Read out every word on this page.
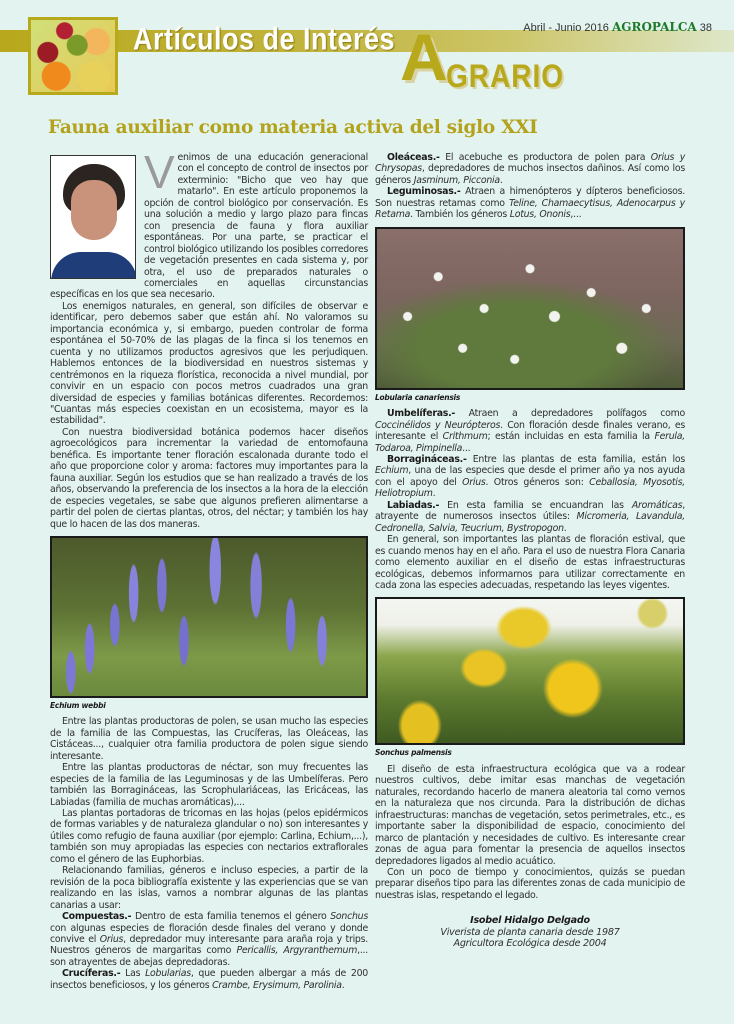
Artículos de Interés A
GRARIO
Abril - Junio 2016 AGROPALCA 38
Fauna auxiliar como materia activa del siglo XXI

Venimos de una educación generacional con el concepto de control de insectos por exterminio: "Bicho que veo hay que matarlo". En este artículo proponemos la opción de control biológico por conservación. Es una solución a medio y largo plazo para fincas con presencia de fauna y flora auxiliar espontáneas. Por una parte, se practicar el control biológico utilizando los posibles corredores de vegetación presentes en cada sistema y, por otra, el uso de preparados naturales o comerciales en aquellas circunstancias específicas en los que sea necesario.

Los enemigos naturales, en general, son difíciles de observar e identificar, pero debemos saber que están ahí. No valoramos su importancia económica y, si embargo, pueden controlar de forma espontánea el 50-70% de las plagas de la finca si los tenemos en cuenta y no utilizamos productos agresivos que les perjudiquen. Hablemos entonces de la biodiversidad en nuestros sistemas y centrémonos en la riqueza florística, reconocida a nivel mundial, por convivir en un espacio con pocos metros cuadrados una gran diversidad de especies y familias botánicas diferentes. Recordemos: "Cuantas más especies coexistan en un ecosistema, mayor es la estabilidad".

Con nuestra biodiversidad botánica podemos hacer diseños agroecológicos para incrementar la variedad de entomofauna benéfica. Es importante tener floración escalonada durante todo el año que proporcione color y aroma: factores muy importantes para la fauna auxiliar. Según los estudios que se han realizado a través de los años, observando la preferencia de los insectos a la hora de la elección de especies vegetales, se sabe que algunos prefieren alimentarse a partir del polen de ciertas plantas, otros, del néctar; y también los hay que lo hacen de las dos maneras.

Echium webbi

Entre las plantas productoras de polen, se usan mucho las especies de la familia de las Compuestas, las Crucíferas, las Oleáceas, las Cistáceas..., cualquier otra familia productora de polen sigue siendo interesante.

Entre las plantas productoras de néctar, son muy frecuentes las especies de la familia de las Leguminosas y de las Umbelíferas. Pero también las Borragináceas, las Scrophulariáceas, las Ericáceas, las Labiadas (familia de muchas aromáticas),...

Las plantas portadoras de tricomas en las hojas (pelos epidérmicos de formas variables y de naturaleza glandular o no) son interesantes y útiles como refugio de fauna auxiliar (por ejemplo: Carlina, Echium,...), también son muy apropiadas las especies con nectarios extraflorales como el género de las Euphorbias.

Relacionando familias, géneros e incluso especies, a partir de la revisión de la poca bibliografía existente y las experiencias que se van realizando en las islas, vamos a nombrar algunas de las plantas canarias a usar:

Compuestas.- Dentro de esta familia tenemos el género Sonchus con algunas especies de floración desde finales del verano y donde convive el Orius, depredador muy interesante para araña roja y trips. Nuestros géneros de margaritas como Pericallis, Argyranthemum,... son atrayentes de abejas depredadoras.

Crucíferas.- Las Lobularias, que pueden albergar a más de 200 insectos beneficiosos, y los géneros Crambe, Erysimum, Parolinia.

Oleáceas.- El acebuche es productora de polen para Orius y Chrysopas, depredadores de muchos insectos dañinos. Así como los géneros Jasminum, Picconia.

Leguminosas.- Atraen a himenópteros y dípteros beneficiosos. Son nuestras retamas como Teline, Chamaecytisus, Adenocarpus y Retama. También los géneros Lotus, Ononis,...

Lobularia canariensis

Umbelíferas.- Atraen a depredadores polífagos como Coccinélidos y Neurópteros. Con floración desde finales verano, es interesante el Crithmum; están incluidas en esta familia la Ferula, Todaroa, Pimpinella...

Borragináceas.- Entre las plantas de esta familia, están los Echium, una de las especies que desde el primer año ya nos ayuda con el apoyo del Orius. Otros géneros son: Ceballosia, Myosotis, Heliotropium.

Labiadas.- En esta familia se encuandran las Aromáticas, atrayente de numerosos insectos útiles: Micromeria, Lavandula, Cedronella, Salvia, Teucrium, Bystropogon.

En general, son importantes las plantas de floración estival, que es cuando menos hay en el año. Para el uso de nuestra Flora Canaria como elemento auxiliar en el diseño de estas infraestructuras ecológicas, debemos informarnos para utilizar correctamente en cada zona las especies adecuadas, respetando las leyes vigentes.

Sonchus palmensis

El diseño de esta infraestructura ecológica que va a rodear nuestros cultivos, debe imitar esas manchas de vegetación naturales, recordando hacerlo de manera aleatoria tal como vemos en la naturaleza que nos circunda. Para la distribución de dichas infraestructuras: manchas de vegetación, setos perimetrales, etc., es importante saber la disponibilidad de espacio, conocimiento del marco de plantación y necesidades de cultivo. Es interesante crear zonas de agua para fomentar la presencia de aquellos insectos depredadores ligados al medio acuático.

Con un poco de tiempo y conocimientos, quizás se puedan preparar diseños tipo para las diferentes zonas de cada municipio de nuestras islas, respetando el legado.

Isobel Hidalgo Delgado
Viverista de planta canaria desde 1987
Agricultora Ecológica desde 2004
